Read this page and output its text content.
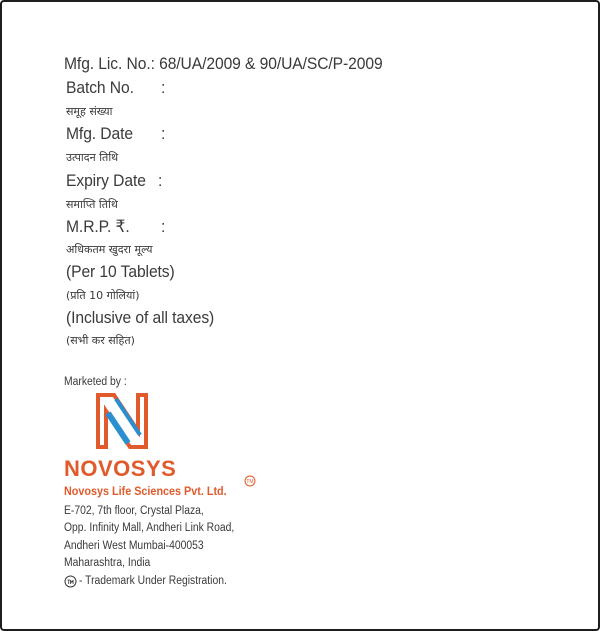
Mfg. Lic. No.: 68/UA/2009 & 90/UA/SC/P-2009
Batch No. :
समूह संख्या
Mfg. Date :
उत्पादन तिथि
Expiry Date :
समाप्ति तिथि
M.R.P. ₹. :
अधिकतम खुदरा मूल्य
(Per 10 Tablets)
(प्रति 10 गोलियां)
(Inclusive of all taxes)
(सभी कर सहित)
Marketed by :
NOVOSYS
Novosys Life Sciences Pvt. Ltd.
TM
E-702, 7th floor, Crystal Plaza,
Opp. Infinity Mall, Andheri Link Road,
Andheri West Mumbai-400053
Maharashtra, India
- Trademark Under Registration.
